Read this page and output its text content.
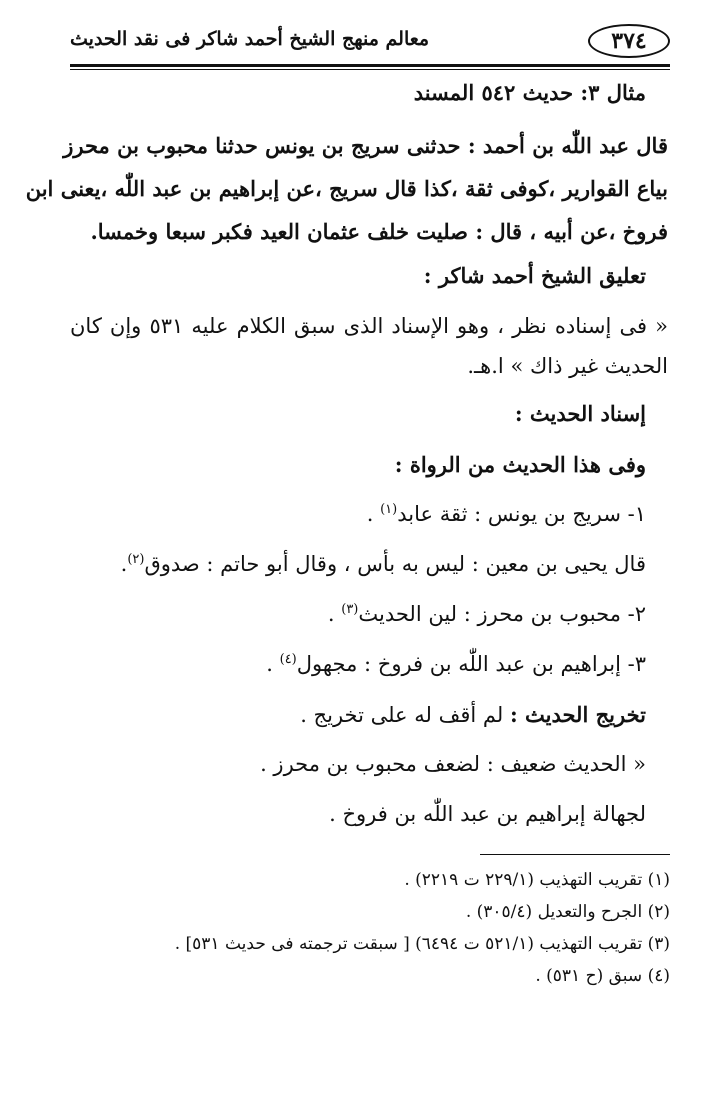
٣٧٤
معالم منهج الشيخ أحمد شاكر فى نقد الحديث
مثال ٣: حديث ٥٤٢ المسند
قال عبد اللّٰه بن أحمد : حدثنى سريج بن يونس حدثنا محبوب بن محرز
بياع القوارير ،كوفى ثقة ،كذا قال سريج ،عن إبراهيم بن عبد اللّٰه ،يعنى ابن
فروخ ،عن أبيه ، قال : صليت خلف عثمان العيد فكبر سبعا وخمسا.
تعليق الشيخ أحمد شاكر :
« فى إسناده نظر ، وهو الإسناد الذى سبق الكلام عليه ٥٣١ وإن كان
الحديث غير ذاك » ا.هـ.
إسناد الحديث :
وفى هذا الحديث من الرواة :
١- سريج بن يونس : ثقة عابد$^{(١)}$ .
قال يحيى بن معين : ليس به بأس ، وقال أبو حاتم : صدوق$^{(٢)}$.
٢- محبوب بن محرز : لين الحديث$^{(٣)}$ .
٣- إبراهيم بن عبد اللّٰه بن فروخ : مجهول$^{(٤)}$ .
تخريج الحديث : لم أقف له على تخريج .
« الحديث ضعيف : لضعف محبوب بن محرز .
لجهالة إبراهيم بن عبد اللّٰه بن فروخ .
(١) تقريب التهذيب (٢٢٩/١ ت ٢٢١٩) .
(٢) الجرح والتعديل (٣٠٥/٤) .
(٣) تقريب التهذيب (٥٢١/١ ت ٦٤٩٤) [ سبقت ترجمته فى حديث ٥٣١] .
(٤) سبق (ح ٥٣١) .
